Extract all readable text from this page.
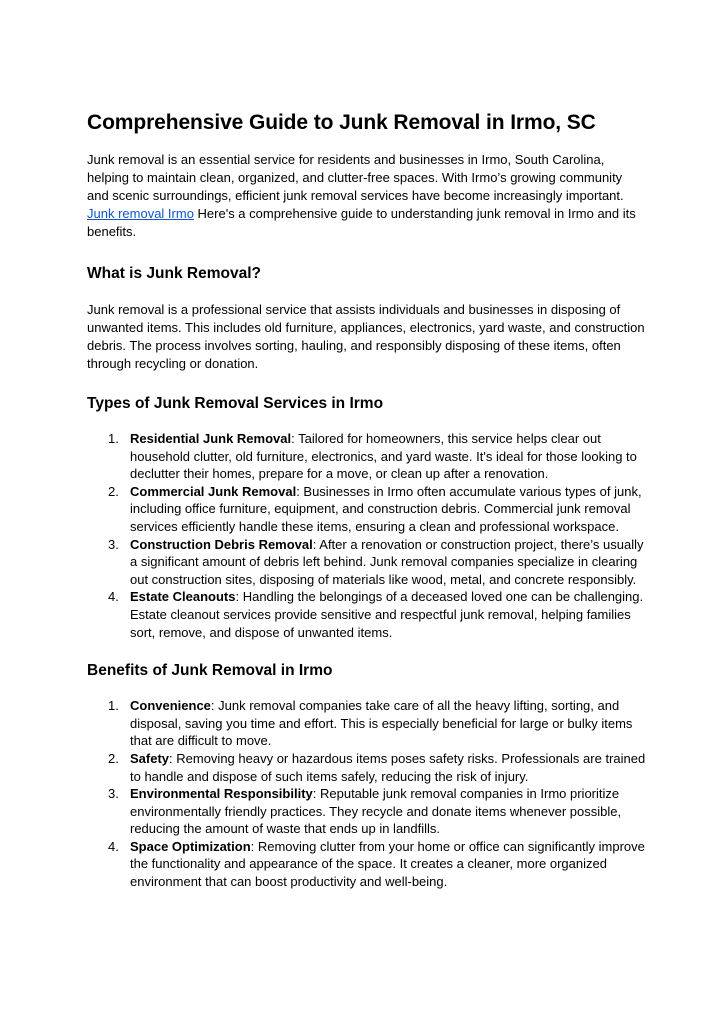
Comprehensive Guide to Junk Removal in Irmo, SC

Junk removal is an essential service for residents and businesses in Irmo, South Carolina, helping to maintain clean, organized, and clutter-free spaces. With Irmo’s growing community and scenic surroundings, efficient junk removal services have become increasingly important. Junk removal Irmo Here's a comprehensive guide to understanding junk removal in Irmo and its benefits.

What is Junk Removal?

Junk removal is a professional service that assists individuals and businesses in disposing of unwanted items. This includes old furniture, appliances, electronics, yard waste, and construction debris. The process involves sorting, hauling, and responsibly disposing of these items, often through recycling or donation.

Types of Junk Removal Services in Irmo
1. Residential Junk Removal: Tailored for homeowners, this service helps clear out household clutter, old furniture, electronics, and yard waste. It's ideal for those looking to declutter their homes, prepare for a move, or clean up after a renovation.
2. Commercial Junk Removal: Businesses in Irmo often accumulate various types of junk, including office furniture, equipment, and construction debris. Commercial junk removal services efficiently handle these items, ensuring a clean and professional workspace.
3. Construction Debris Removal: After a renovation or construction project, there’s usually a significant amount of debris left behind. Junk removal companies specialize in clearing out construction sites, disposing of materials like wood, metal, and concrete responsibly.
4. Estate Cleanouts: Handling the belongings of a deceased loved one can be challenging. Estate cleanout services provide sensitive and respectful junk removal, helping families sort, remove, and dispose of unwanted items.
Benefits of Junk Removal in Irmo
1. Convenience: Junk removal companies take care of all the heavy lifting, sorting, and disposal, saving you time and effort. This is especially beneficial for large or bulky items that are difficult to move.
2. Safety: Removing heavy or hazardous items poses safety risks. Professionals are trained to handle and dispose of such items safely, reducing the risk of injury.
3. Environmental Responsibility: Reputable junk removal companies in Irmo prioritize environmentally friendly practices. They recycle and donate items whenever possible, reducing the amount of waste that ends up in landfills.
4. Space Optimization: Removing clutter from your home or office can significantly improve the functionality and appearance of the space. It creates a cleaner, more organized environment that can boost productivity and well-being.
